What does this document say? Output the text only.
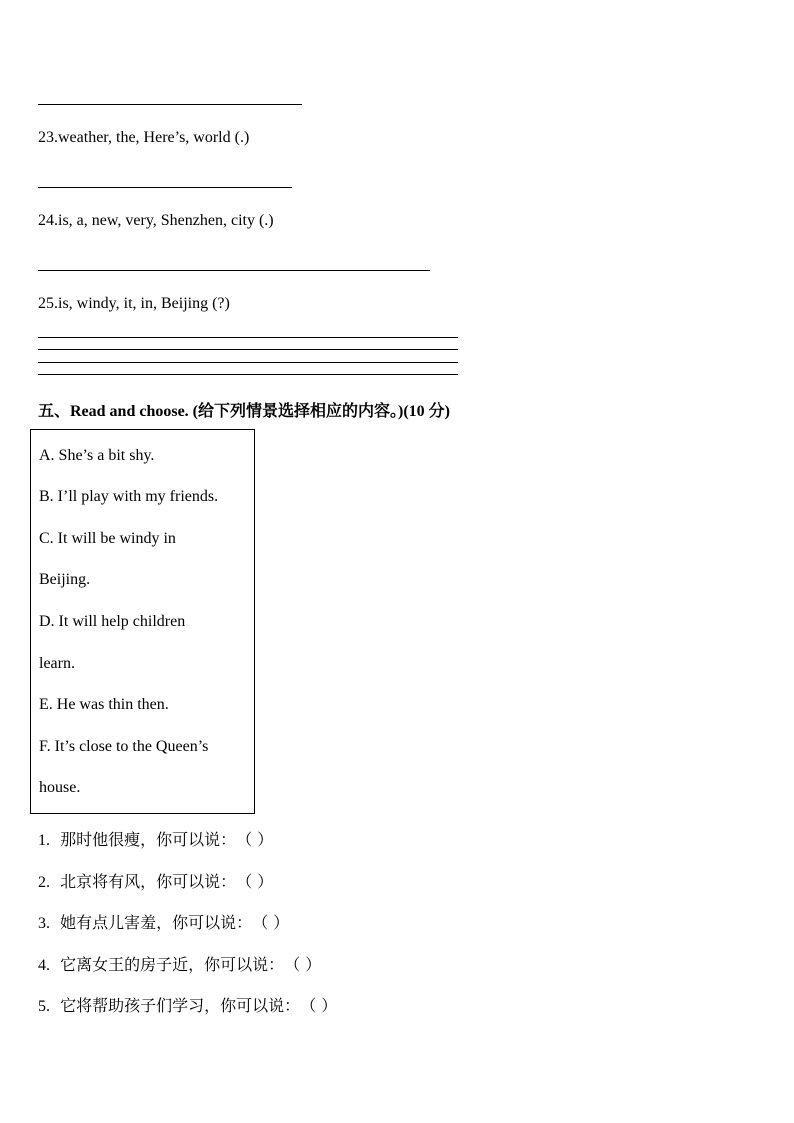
23.weather, the, Here’s, world (.)
24.is, a, new, very, Shenzhen, city (.)
25.is, windy, it, in, Beijing (?)
五、Read and choose. (给下列情景选择相应的内容。)(10 分)
A. She’s a bit shy.
B. I’ll play with my friends.
C. It will be windy in
Beijing.
D. It will help children
learn.
E. He was thin then.
F. It’s close to the Queen’s
house.
1. 那时他很瘦，你可以说：（ ）
2. 北京将有风，你可以说：（ ）
3. 她有点儿害羞，你可以说：（ ）
4. 它离女王的房子近，你可以说：（ ）
5. 它将帮助孩子们学习，你可以说：（ ）
